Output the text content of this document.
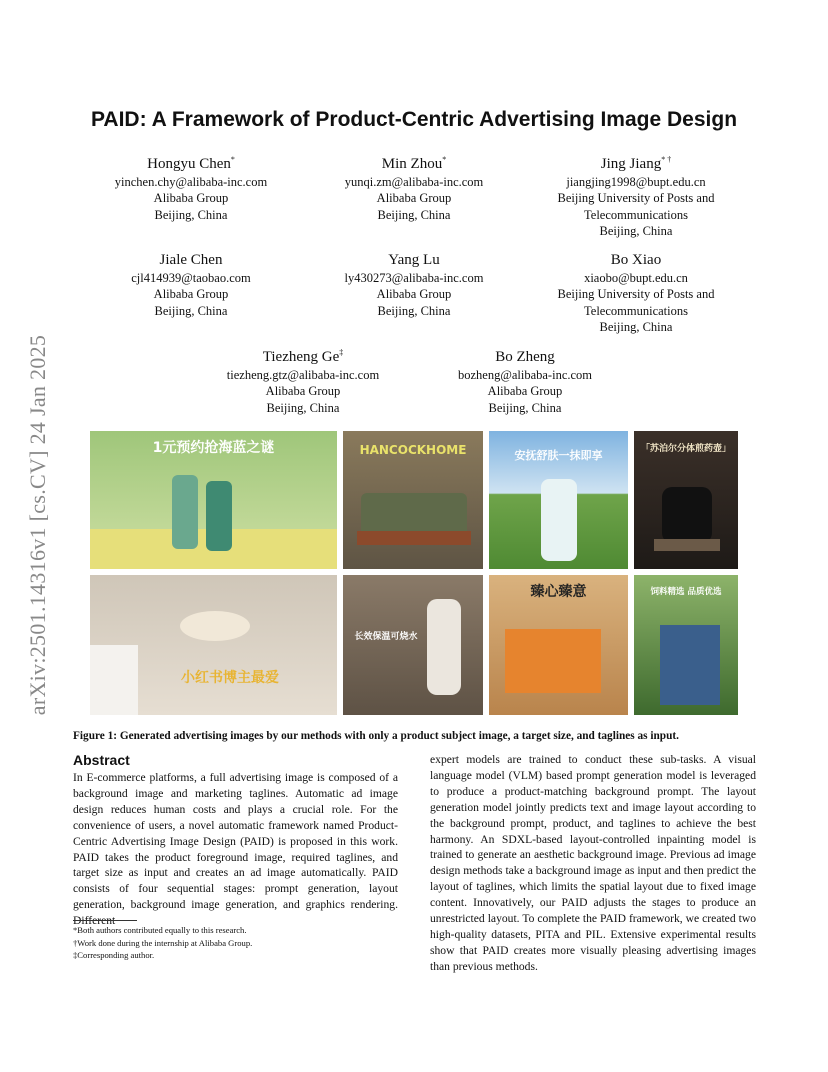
arXiv:2501.14316v1 [cs.CV] 24 Jan 2025
PAID: A Framework of Product-Centric Advertising Image Design
Hongyu Chen*
yinchen.chy@alibaba-inc.com
Alibaba Group
Beijing, China
Min Zhou*
yunqi.zm@alibaba-inc.com
Alibaba Group
Beijing, China
Jing Jiang* †
jiangjing1998@bupt.edu.cn
Beijing University of Posts and
Telecommunications
Beijing, China
Jiale Chen
cjl414939@taobao.com
Alibaba Group
Beijing, China
Yang Lu
ly430273@alibaba-inc.com
Alibaba Group
Beijing, China
Bo Xiao
xiaobo@bupt.edu.cn
Beijing University of Posts and
Telecommunications
Beijing, China
Tiezheng Ge‡
tiezheng.gtz@alibaba-inc.com
Alibaba Group
Beijing, China
Bo Zheng
bozheng@alibaba-inc.com
Alibaba Group
Beijing, China
1元预约抢海蓝之谜	HANCOCKHOME	安抚舒肤一抹即享	「苏泊尔分体煎药壶」
小红书博主最爱
长效保温可烧水
臻心臻意	饲料精选 品质优选
Figure 1: Generated advertising images by our methods with only a product subject image, a target size, and taglines as input.
Abstract

In E-commerce platforms, a full advertising image is composed of a background image and marketing taglines. Automatic ad image design reduces human costs and plays a crucial role. For the convenience of users, a novel automatic framework named Product-Centric Advertising Image Design (PAID) is proposed in this work. PAID takes the product foreground image, required taglines, and target size as input and creates an ad image automatically. PAID consists of four sequential stages: prompt generation, layout generation, background image generation, and graphics rendering. Different

expert models are trained to conduct these sub-tasks. A visual language model (VLM) based prompt generation model is leveraged to produce a product-matching background prompt. The layout generation model jointly predicts text and image layout according to the background prompt, product, and taglines to achieve the best harmony. An SDXL-based layout-controlled inpainting model is trained to generate an aesthetic background image. Previous ad image design methods take a background image as input and then predict the layout of taglines, which limits the spatial layout due to fixed image content. Innovatively, our PAID adjusts the stages to produce an unrestricted layout. To complete the PAID framework, we created two high-quality datasets, PITA and PIL. Extensive experimental results show that PAID creates more visually pleasing advertising images than previous methods.

*Both authors contributed equally to this research.

†Work done during the internship at Alibaba Group.

‡Corresponding author.
